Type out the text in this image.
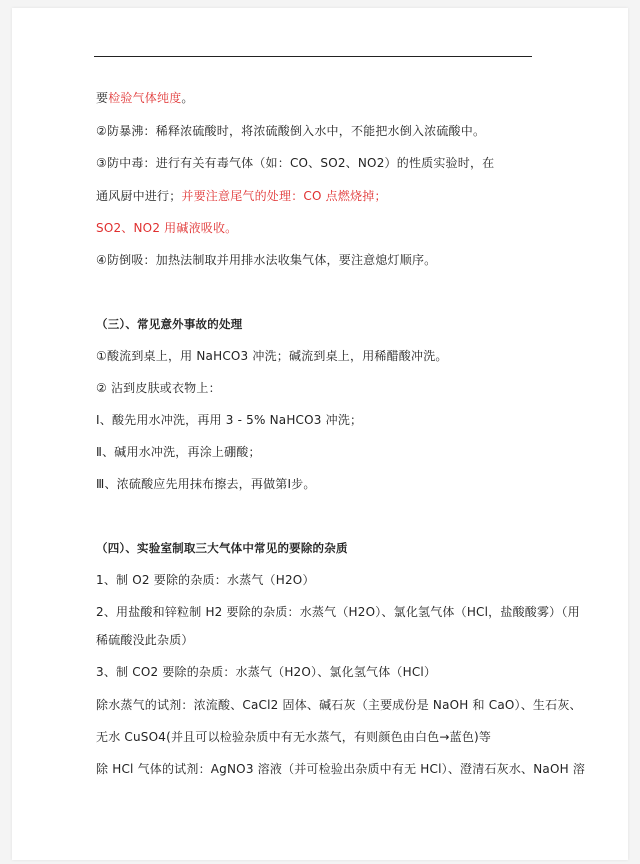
要检验气体纯度。
②防暴沸：稀释浓硫酸时，将浓硫酸倒入水中，不能把水倒入浓硫酸中。
③防中毒：进行有关有毒气体（如：CO、SO2、NO2）的性质实验时，在
通风厨中进行；并要注意尾气的处理：CO 点燃烧掉；
SO2、NO2 用碱液吸收。
④防倒吸：加热法制取并用排水法收集气体，要注意熄灯顺序。
（三）、常见意外事故的处理
①酸流到桌上，用 NaHCO3 冲洗；碱流到桌上，用稀醋酸冲洗。
② 沾到皮肤或衣物上：
Ⅰ、酸先用水冲洗，再用 3 - 5% NaHCO3 冲洗；
Ⅱ、碱用水冲洗，再涂上硼酸；
Ⅲ、浓硫酸应先用抹布擦去，再做第Ⅰ步。
（四）、实验室制取三大气体中常见的要除的杂质
1、制 O2 要除的杂质：水蒸气（H2O）
2、用盐酸和锌粒制 H2 要除的杂质：水蒸气（H2O）、氯化氢气体（HCl，盐酸酸雾）（用
稀硫酸没此杂质）
3、制 CO2 要除的杂质：水蒸气（H2O）、氯化氢气体（HCl）
除水蒸气的试剂：浓流酸、CaCl2 固体、碱石灰（主要成份是 NaOH 和 CaO）、生石灰、
无水 CuSO4(并且可以检验杂质中有无水蒸气，有则颜色由白色→蓝色)等
除 HCl 气体的试剂：AgNO3 溶液（并可检验出杂质中有无 HCl）、澄清石灰水、NaOH 溶
